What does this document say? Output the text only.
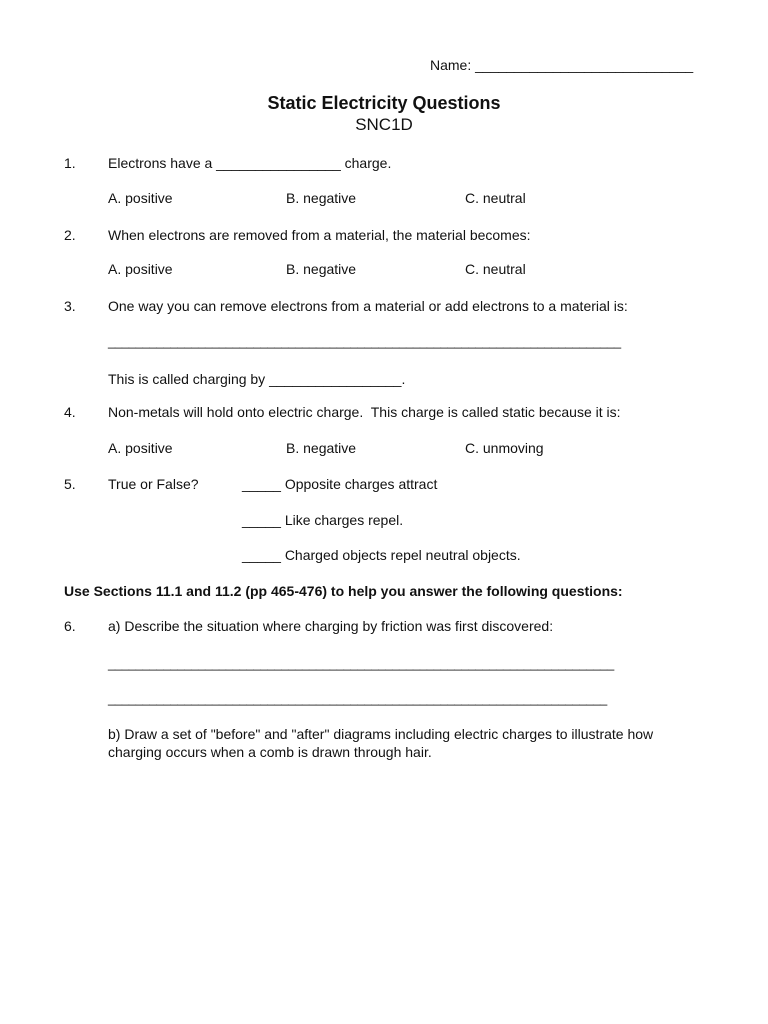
Name: ____________________________
Static Electricity Questions
SNC1D
1. Electrons have a ________________ charge.
A. positive	B. negative	C. neutral
2. When electrons are removed from a material, the material becomes:
A. positive	B. negative	C. neutral
3. One way you can remove electrons from a material or add electrons to a material is:
__________________________________________________________________________
This is called charging by _________________.
4. Non-metals will hold onto electric charge.  This charge is called static because it is:
A. positive	B. negative	C. unmoving
5. True or False?	_____ Opposite charges attract
_____ Like charges repel.
_____ Charged objects repel neutral objects.
Use Sections 11.1 and 11.2 (pp 465-476) to help you answer the following questions:
6. a) Describe the situation where charging by friction was first discovered:
_________________________________________________________________________
________________________________________________________________________
b) Draw a set of "before" and "after" diagrams including electric charges to illustrate how charging occurs when a comb is drawn through hair.
